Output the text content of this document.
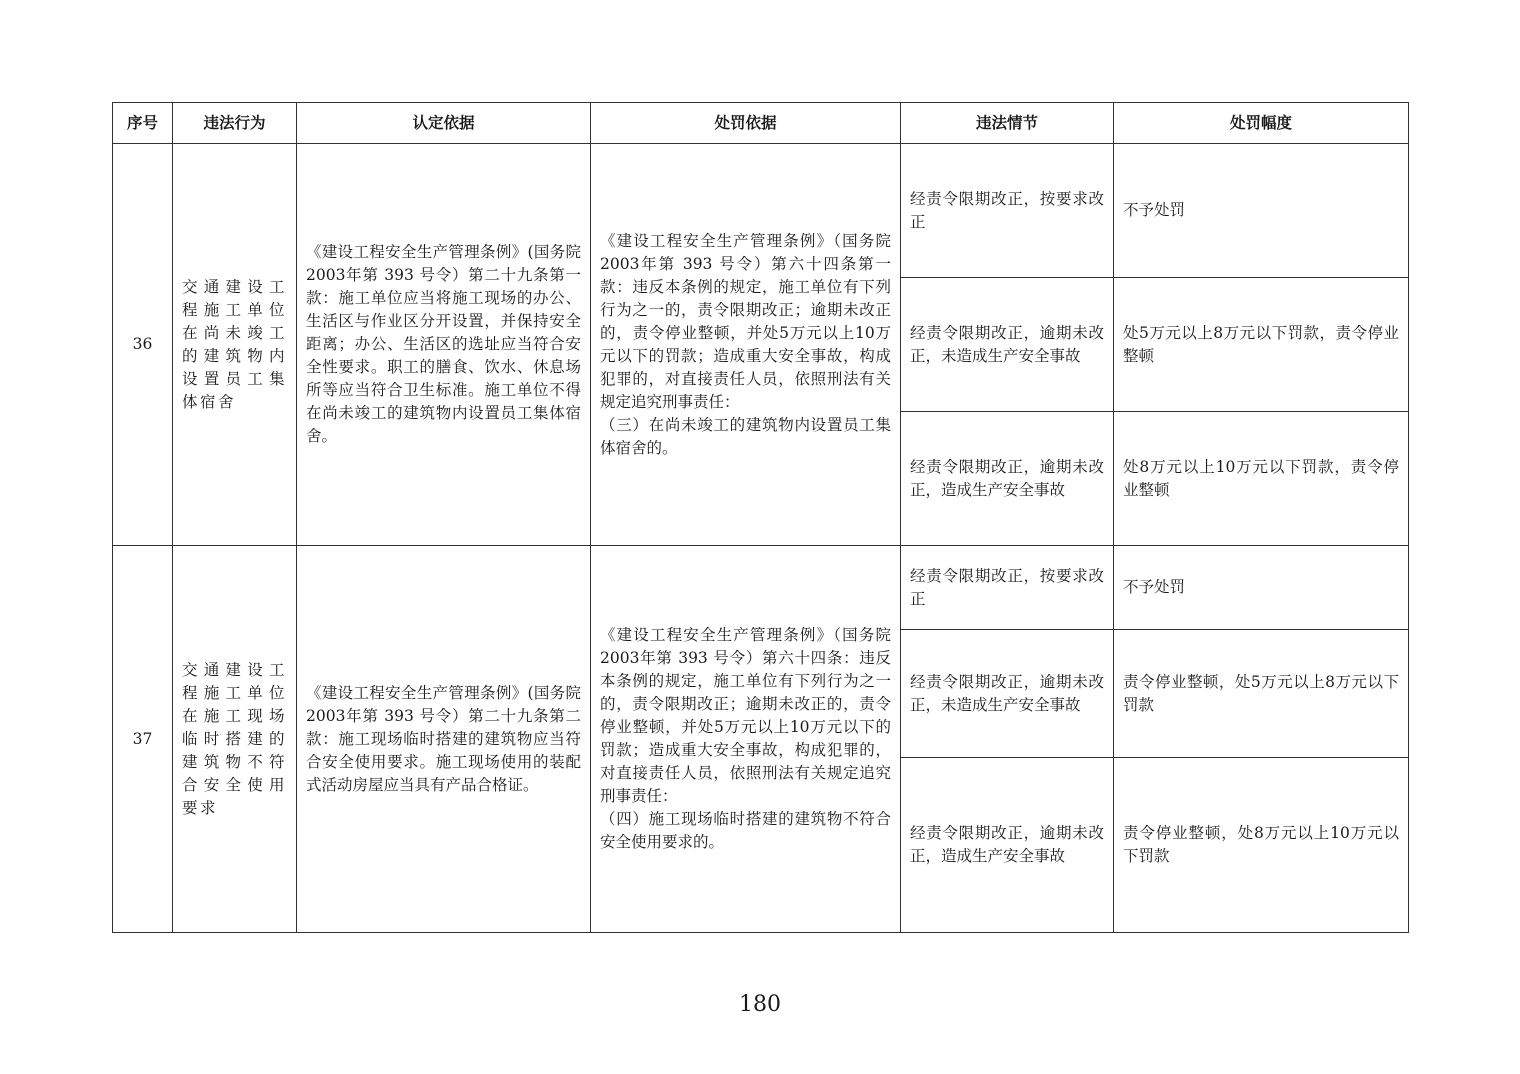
序号	违法行为	认定依据	处罚依据	违法情节	处罚幅度
36	交通建设工程施工单位在尚未竣工的建筑物内设置员工集体宿舍	《建设工程安全生产管理条例》(国务院2003年第 393 号令）第二十九条第一款：施工单位应当将施工现场的办公、生活区与作业区分开设置，并保持安全距离；办公、生活区的选址应当符合安全性要求。职工的膳食、饮水、休息场所等应当符合卫生标准。施工单位不得在尚未竣工的建筑物内设置员工集体宿舍。	《建设工程安全生产管理条例》（国务院2003年第 393 号令）第六十四条第一款：违反本条例的规定，施工单位有下列行为之一的，责令限期改正；逾期未改正的，责令停业整顿，并处5万元以上10万元以下的罚款；造成重大安全事故，构成犯罪的，对直接责任人员，依照刑法有关规定追究刑事责任：
（三）在尚未竣工的建筑物内设置员工集体宿舍的。	经责令限期改正，按要求改正	不予处罚
				经责令限期改正，逾期未改正，未造成生产安全事故	处5万元以上8万元以下罚款，责令停业整顿
				经责令限期改正，逾期未改正，造成生产安全事故	处8万元以上10万元以下罚款，责令停业整顿
37	交通建设工程施工单位在施工现场临时搭建的建筑物不符合安全使用要求	《建设工程安全生产管理条例》(国务院2003年第 393 号令）第二十九条第二款：施工现场临时搭建的建筑物应当符合安全使用要求。施工现场使用的装配式活动房屋应当具有产品合格证。	《建设工程安全生产管理条例》（国务院2003年第 393 号令）第六十四条：违反本条例的规定，施工单位有下列行为之一的，责令限期改正；逾期未改正的，责令停业整顿，并处5万元以上10万元以下的罚款；造成重大安全事故，构成犯罪的，对直接责任人员，依照刑法有关规定追究刑事责任：
（四）施工现场临时搭建的建筑物不符合安全使用要求的。	经责令限期改正，按要求改正	不予处罚
				经责令限期改正，逾期未改正，未造成生产安全事故	责令停业整顿，处5万元以上8万元以下罚款
				经责令限期改正，逾期未改正，造成生产安全事故	责令停业整顿，处8万元以上10万元以下罚款
180
